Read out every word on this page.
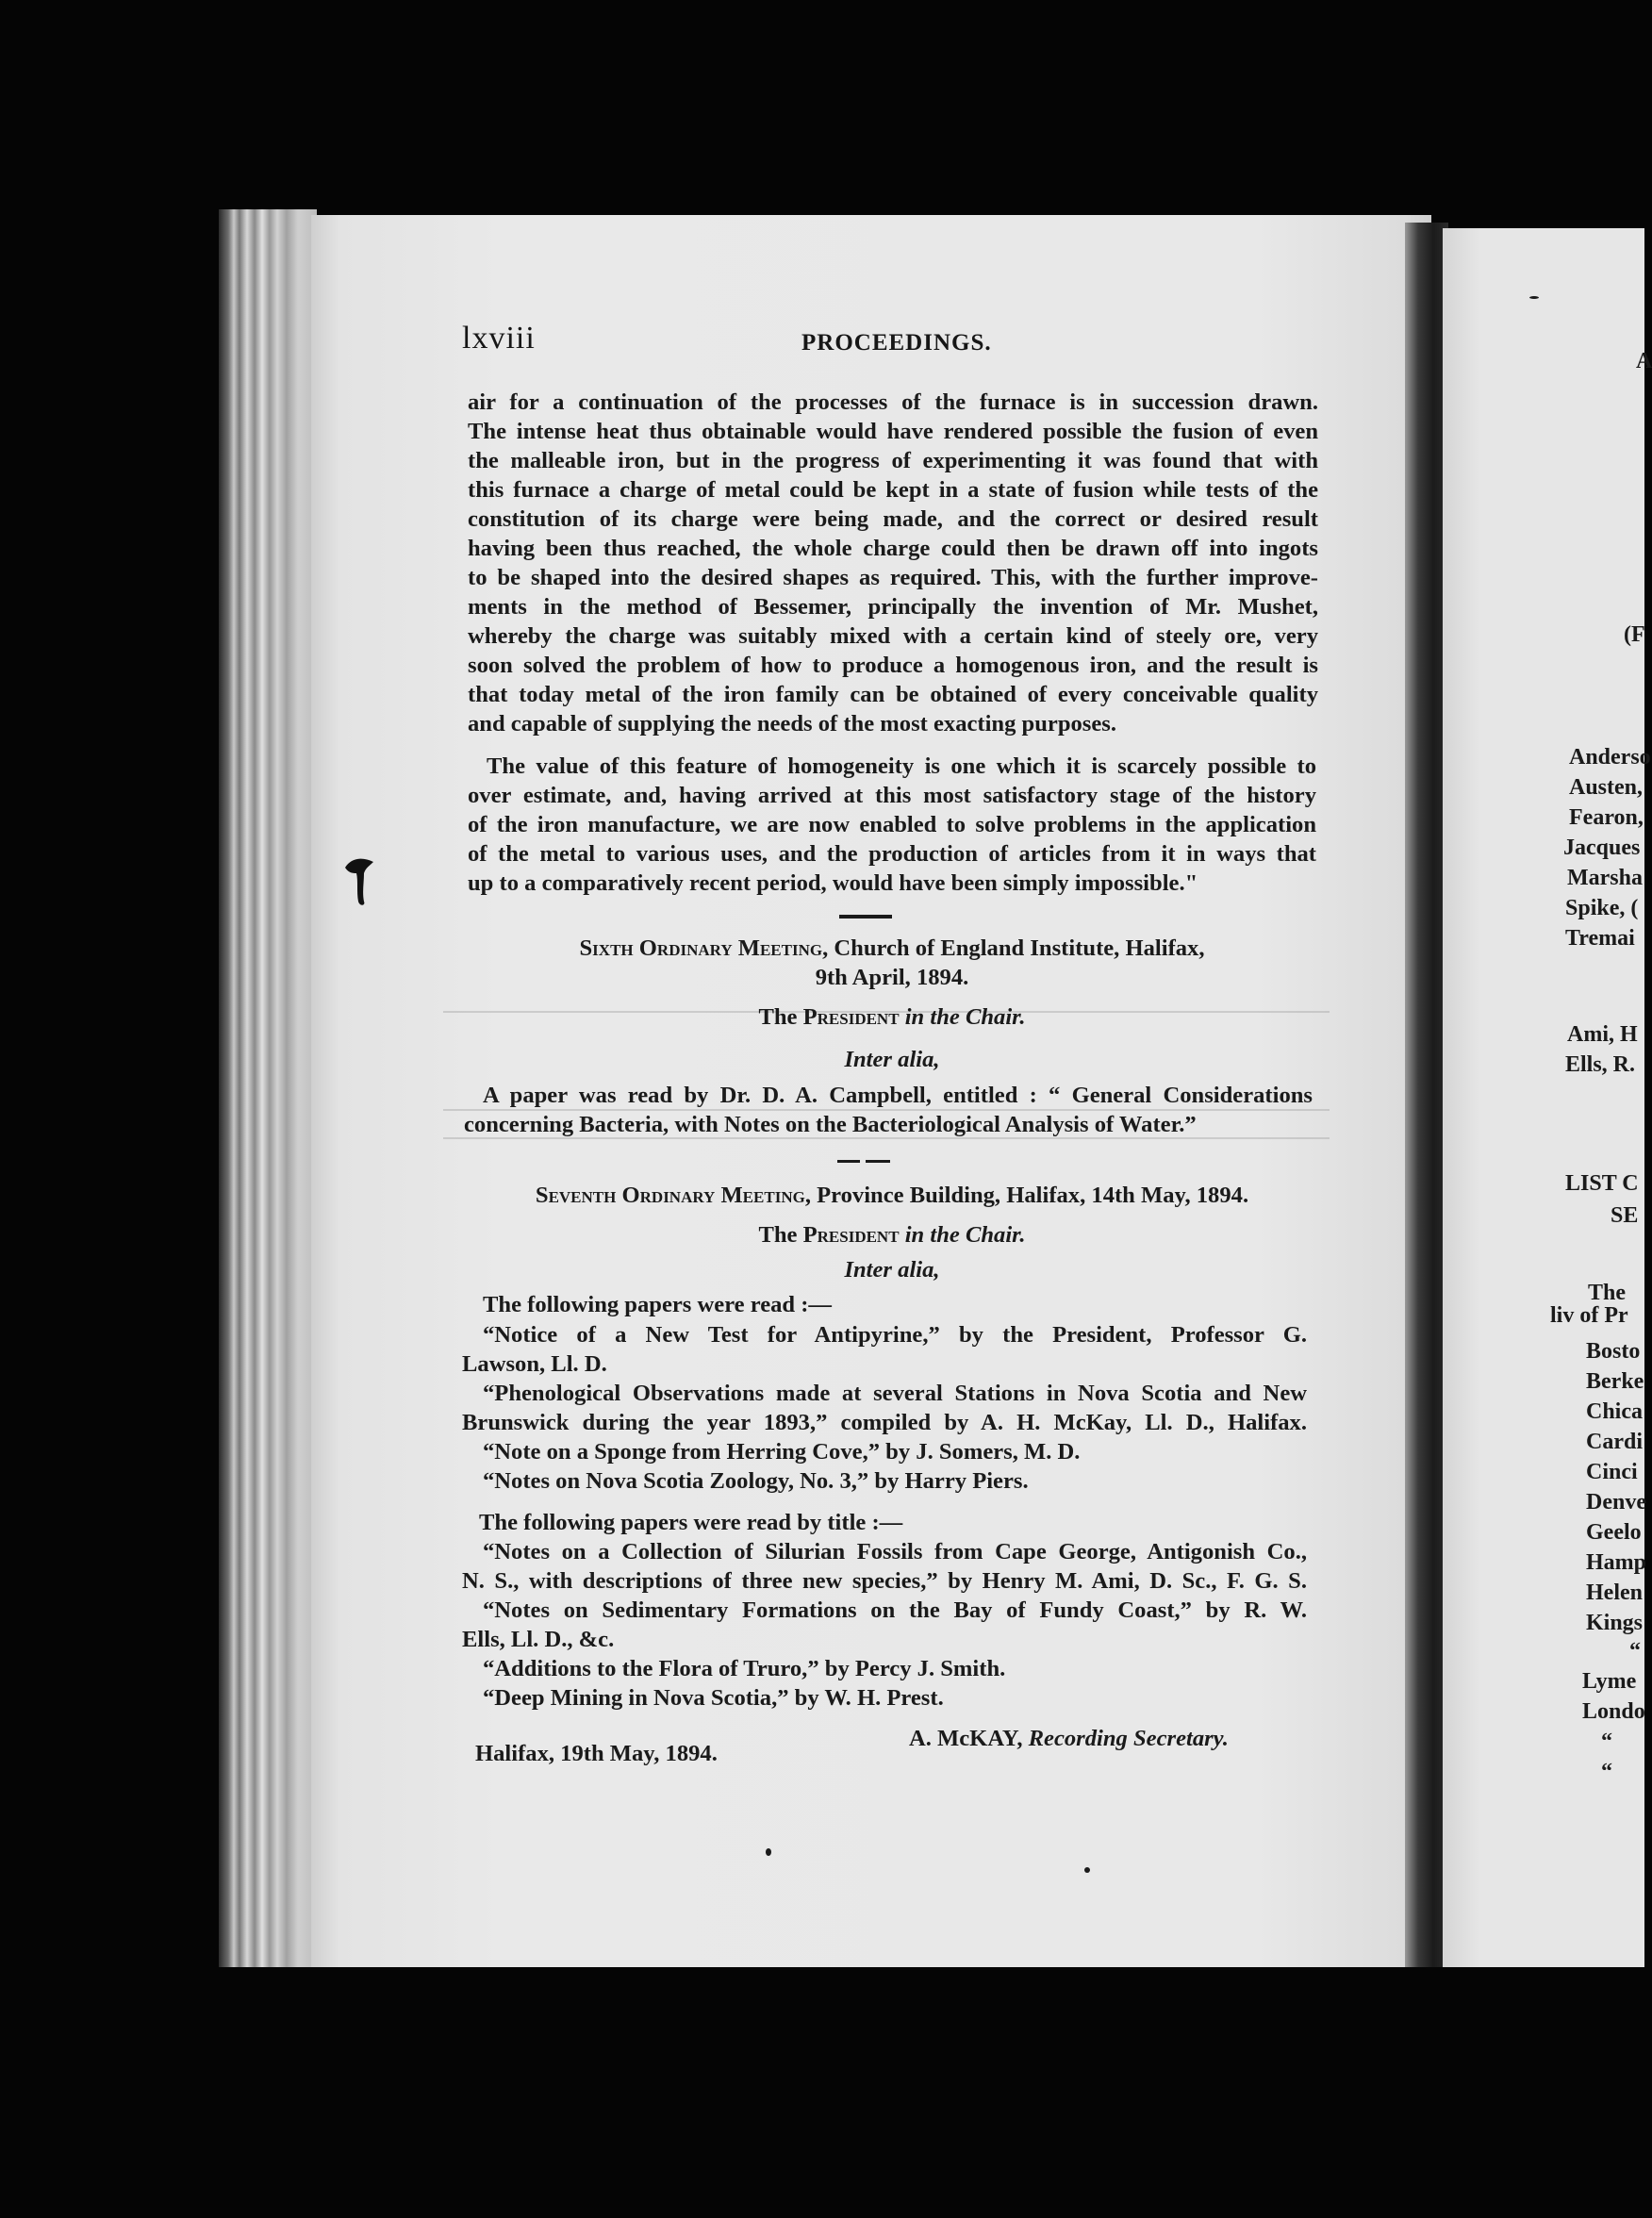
lxviii	PROCEEDINGS.
air for a continuation of the processes of the furnace is in succession drawn.
The intense heat thus obtainable would have rendered possible the fusion of even
the malleable iron, but in the progress of experimenting it was found that with
this furnace a charge of metal could be kept in a state of fusion while tests of the
constitution of its charge were being made, and the correct or desired result
having been thus reached, the whole charge could then be drawn off into ingots
to be shaped into the desired shapes as required. This, with the further improve-
ments in the method of Bessemer, principally the invention of Mr. Mushet,
whereby the charge was suitably mixed with a certain kind of steely ore, very
soon solved the problem of how to produce a homogenous iron, and the result is
that today metal of the iron family can be obtained of every conceivable quality
and capable of supplying the needs of the most exacting purposes.
The value of this feature of homogeneity is one which it is scarcely possible to
over estimate, and, having arrived at this most satisfactory stage of the history
of the iron manufacture, we are now enabled to solve problems in the application
of the metal to various uses, and the production of articles from it in ways that
up to a comparatively recent period, would have been simply impossible."
Sixth Ordinary Meeting, Church of England Institute, Halifax,
9th April, 1894.
The President in the Chair.
Inter alia,
A paper was read by Dr. D. A. Campbell, entitled : “ General Considerations
concerning Bacteria, with Notes on the Bacteriological Analysis of Water.”
Seventh Ordinary Meeting, Province Building, Halifax, 14th May, 1894.
The President in the Chair.
Inter alia,
The following papers were read :—
“Notice of a New Test for Antipyrine,” by the President, Professor G.
Lawson, Ll. D.
“Phenological Observations made at several Stations in Nova Scotia and New
Brunswick during the year 1893,” compiled by A. H. McKay, Ll. D., Halifax.
“Note on a Sponge from Herring Cove,” by J. Somers, M. D.
“Notes on Nova Scotia Zoology, No. 3,” by Harry Piers.
The following papers were read by title :—
“Notes on a Collection of Silurian Fossils from Cape George, Antigonish Co.,
N. S., with descriptions of three new species,” by Henry M. Ami, D. Sc., F. G. S.
“Notes on Sedimentary Formations on the Bay of Fundy Coast,” by R. W.
Ells, Ll. D., &c.
“Additions to the Flora of Truro,” by Percy J. Smith.
“Deep Mining in Nova Scotia,” by W. H. Prest.
A. McKAY, Recording Secretary.
Halifax, 19th May, 1894.
A
(F
Anderso
Austen,
Fearon,
Jacques
Marsha
Spike, (
Tremai
Ami, H
Ells, R.
LIST C
SE
The
liv of Pr
Bosto
Berke
Chica
Cardi
Cinci
Denve
Geelo
Hamp
Helen
Kings
“
Lyme
Londo
“
“
